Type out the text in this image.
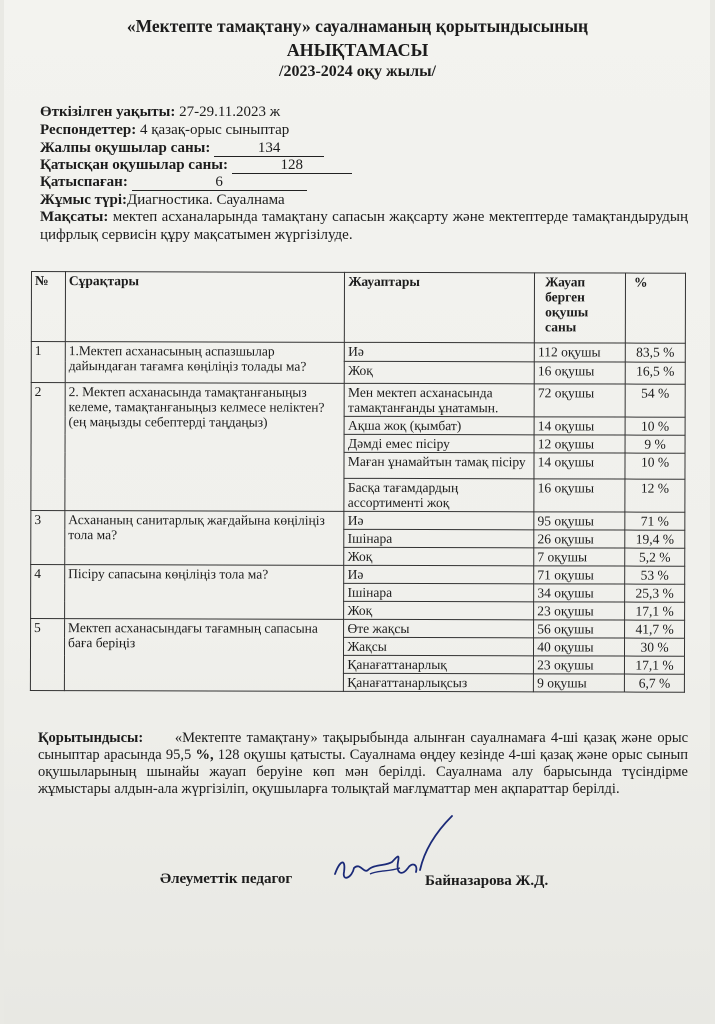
«Мектепте тамақтану» сауалнаманың қорытындысының
АНЫҚТАМАСЫ
/2023-2024 оқу жылы/
Өткізілген уақыты: 27-29.11.2023 ж
Респондеттер: 4 қазақ-орыс сыныптар
Жалпы оқушылар саны:	134
Қатысқан оқушылар саны:	128
Қатыспаған:	6
Жұмыс түрі:Диагностика. Сауалнама
Мақсаты: мектеп асханаларында тамақтану сапасын жақсарту және мектептерде тамақтандырудың цифрлық сервисін құру мақсатымен жүргізілуде.
№	Сұрақтары	Жауаптары	Жауап берген оқушы саны	%
1	1.Мектеп асханасының аспазшылар дайындаған тағамға көңіліңіз толады ма?	Иә	112 оқушы	83,5 %
		Жоқ	16 оқушы	16,5 %
2	2. Мектеп асханасында тамақтанғаныңыз келеме, тамақтанғаныңыз келмесе неліктен? (ең маңызды себептерді таңдаңыз)	Мен мектеп асханасында тамақтанғанды ұнатамын.	72 оқушы	54 %
		Ақша жоқ (қымбат)	14 оқушы	10 %
		Дәмді емес пісіру	12 оқушы	9 %
		Маған ұнамайтын тамақ пісіру	14 оқушы	10 %
		Басқа тағамдардың ассортименті жоқ	16 оқушы	12 %
3	Асхананың санитарлық жағдайына көңіліңіз тола ма?	Иә	95 оқушы	71 %
		Ішінара	26 оқушы	19,4 %
		Жоқ	7 оқушы	5,2 %
4	Пісіру сапасына көңіліңіз тола ма?	Иә	71 оқушы	53 %
		Ішінара	34 оқушы	25,3 %
		Жоқ	23 оқушы	17,1 %
5	Мектеп асханасындағы тағамның сапасына баға беріңіз	Өте жақсы	56 оқушы	41,7 %
		Жақсы	40 оқушы	30 %
		Қанағаттанарлық	23 оқушы	17,1 %
		Қанағаттанарлықсыз	9 оқушы	6,7 %
Қорытындысы: «Мектепте тамақтану» тақырыбында алынған сауалнамаға 4-ші қазақ және орыс сыныптар арасында 95,5 %, 128 оқушы қатысты. Сауалнама өңдеу кезінде 4-ші қазақ және орыс сынып оқушыларының шынайы жауап беруіне көп мән берілді. Сауалнама алу барысында түсіндірме жұмыстары алдын-ала жүргізіліп, оқушыларға толықтай мағлұматтар мен ақпараттар берілді.
Әлеуметтік педагог	Байназарова Ж.Д.
